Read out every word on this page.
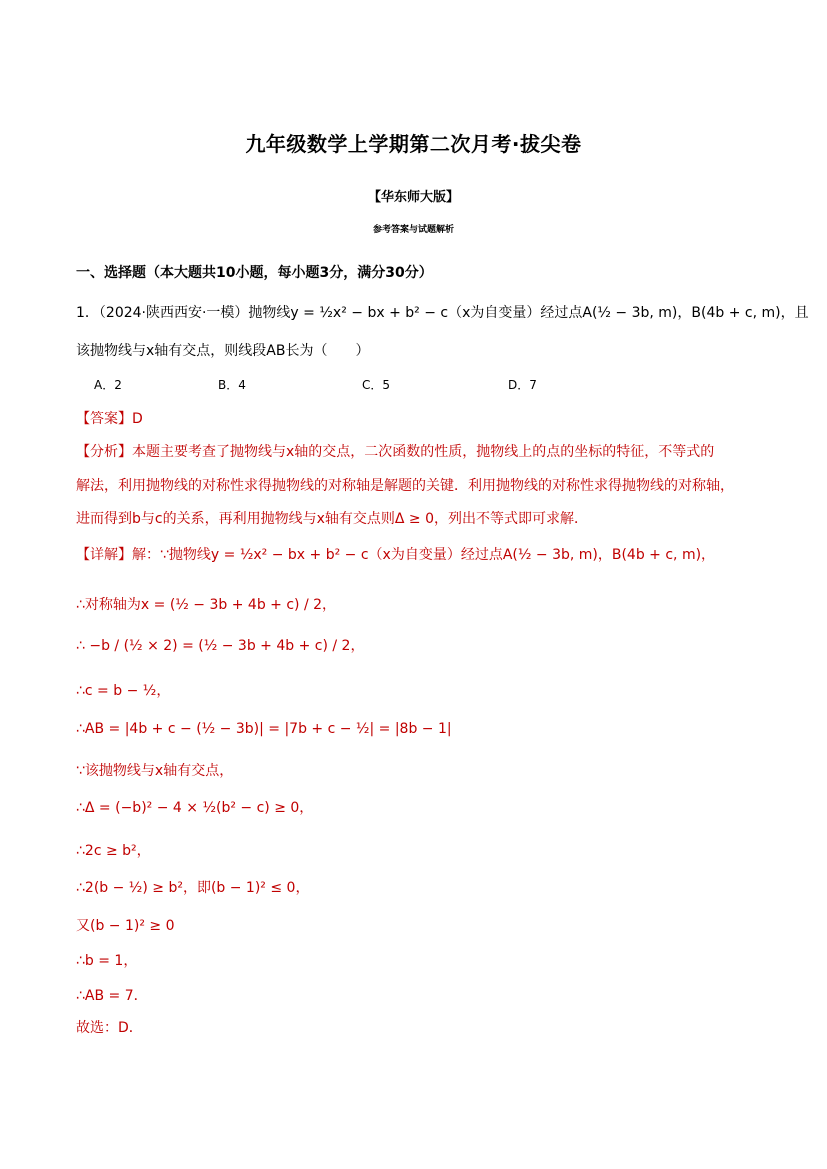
九年级数学上学期第二次月考·拔尖卷
【华东师大版】
参考答案与试题解析
一、选择题（本大题共10小题，每小题3分，满分30分）
1．（2024·陕西西安·一模）抛物线y = ½x² − bx + b² − c（x为自变量）经过点A(½ − 3b, m)，B(4b + c, m)，且
该抛物线与x轴有交点，则线段AB长为（　　）
A．2	B．4	C．5	D．7
【答案】D
【分析】本题主要考查了抛物线与x轴的交点，二次函数的性质，抛物线上的点的坐标的特征，不等式的
解法，利用抛物线的对称性求得抛物线的对称轴是解题的关键．利用抛物线的对称性求得抛物线的对称轴，
进而得到b与c的关系，再利用抛物线与x轴有交点则Δ ≥ 0，列出不等式即可求解．
【详解】解：∵抛物线y = ½x² − bx + b² − c（x为自变量）经过点A(½ − 3b, m)，B(4b + c, m)，
∴对称轴为x = (½ − 3b + 4b + c) / 2，
∴ −b / (½ × 2) = (½ − 3b + 4b + c) / 2，
∴c = b − ½，
∴AB = |4b + c − (½ − 3b)| = |7b + c − ½| = |8b − 1|
∵该抛物线与x轴有交点，
∴Δ = (−b)² − 4 × ½(b² − c) ≥ 0，
∴2c ≥ b²，
∴2(b − ½) ≥ b²，即(b − 1)² ≤ 0，
又(b − 1)² ≥ 0
∴b = 1，
∴AB = 7．
故选：D．
